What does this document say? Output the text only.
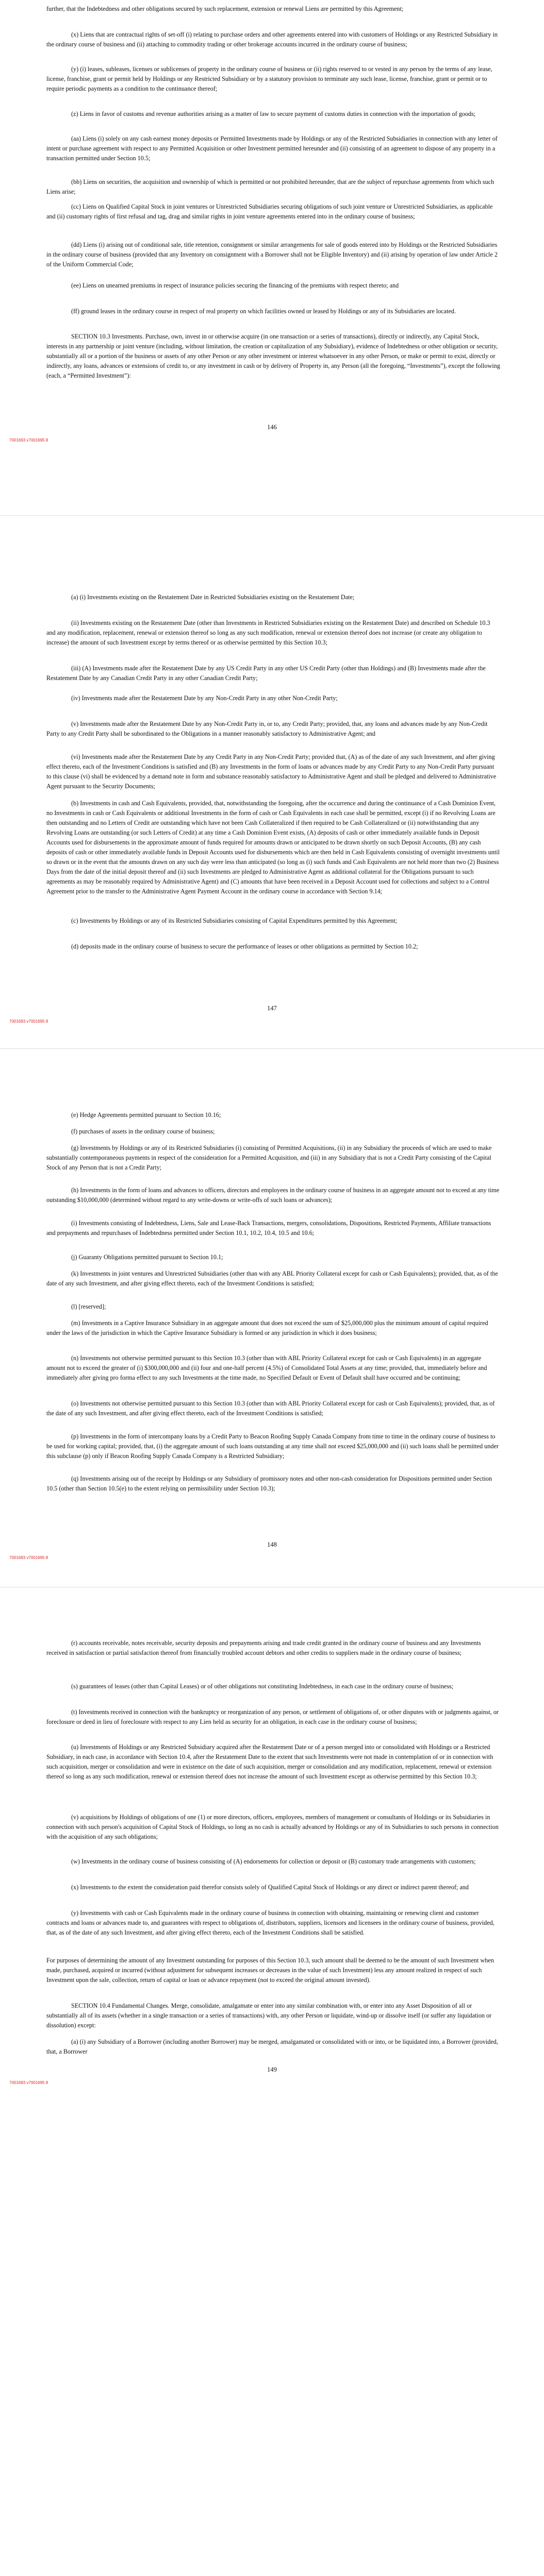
further, that the Indebtedness and other obligations secured by such replacement, extension or renewal Liens are permitted by this Agreement;

(x) Liens that are contractual rights of set-off (i) relating to purchase orders and other agreements entered into with customers of Holdings or any Restricted Subsidiary in the ordinary course of business and (ii) attaching to commodity trading or other brokerage accounts incurred in the ordinary course of business;

(y) (i) leases, subleases, licenses or sublicenses of property in the ordinary course of business or (ii) rights reserved to or vested in any person by the terms of any lease, license, franchise, grant or permit held by Holdings or any Restricted Subsidiary or by a statutory provision to terminate any such lease, license, franchise, grant or permit or to require periodic payments as a condition to the continuance thereof;

(z) Liens in favor of customs and revenue authorities arising as a matter of law to secure payment of customs duties in connection with the importation of goods;

(aa) Liens (i) solely on any cash earnest money deposits or Permitted Investments made by Holdings or any of the Restricted Subsidiaries in connection with any letter of intent or purchase agreement with respect to any Permitted Acquisition or other Investment permitted hereunder and (ii) consisting of an agreement to dispose of any property in a transaction permitted under Section 10.5;

(bb) Liens on securities, the acquisition and ownership of which is permitted or not prohibited hereunder, that are the subject of repurchase agreements from which such Liens arise;

(cc) Liens on Qualified Capital Stock in joint ventures or Unrestricted Subsidiaries securing obligations of such joint venture or Unrestricted Subsidiaries, as applicable and (ii) customary rights of first refusal and tag, drag and similar rights in joint venture agreements entered into in the ordinary course of business;

(dd) Liens (i) arising out of conditional sale, title retention, consignment or similar arrangements for sale of goods entered into by Holdings or the Restricted Subsidiaries in the ordinary course of business (provided that any Inventory on consignment with a Borrower shall not be Eligible Inventory) and (ii) arising by operation of law under Article 2 of the Uniform Commercial Code;

(ee) Liens on unearned premiums in respect of insurance policies securing the financing of the premiums with respect thereto; and

(ff) ground leases in the ordinary course in respect of real property on which facilities owned or leased by Holdings or any of its Subsidiaries are located.

SECTION 10.3 Investments. Purchase, own, invest in or otherwise acquire (in one transaction or a series of transactions), directly or indirectly, any Capital Stock, interests in any partnership or joint venture (including, without limitation, the creation or capitalization of any Subsidiary), evidence of Indebtedness or other obligation or security, substantially all or a portion of the business or assets of any other Person or any other investment or interest whatsoever in any other Person, or make or permit to exist, directly or indirectly, any loans, advances or extensions of credit to, or any investment in cash or by delivery of Property in, any Person (all the foregoing, “Investments”), except the following (each, a “Permitted Investment”):

146
7001693 v7001695 8

(a) (i) Investments existing on the Restatement Date in Restricted Subsidiaries existing on the Restatement Date;

(ii) Investments existing on the Restatement Date (other than Investments in Restricted Subsidiaries existing on the Restatement Date) and described on Schedule 10.3 and any modification, replacement, renewal or extension thereof so long as any such modification, renewal or extension thereof does not increase (or create any obligation to increase) the amount of such Investment except by terms thereof or as otherwise permitted by this Section 10.3;

(iii) (A) Investments made after the Restatement Date by any US Credit Party in any other US Credit Party (other than Holdings) and (B) Investments made after the Restatement Date by any Canadian Credit Party in any other Canadian Credit Party;

(iv) Investments made after the Restatement Date by any Non-Credit Party in any other Non-Credit Party;

(v) Investments made after the Restatement Date by any Non-Credit Party in, or to, any Credit Party; provided, that, any loans and advances made by any Non-Credit Party to any Credit Party shall be subordinated to the Obligations in a manner reasonably satisfactory to Administrative Agent; and

(vi) Investments made after the Restatement Date by any Credit Party in any Non-Credit Party; provided that, (A) as of the date of any such Investment, and after giving effect thereto, each of the Investment Conditions is satisfied and (B) any Investments in the form of loans or advances made by any Credit Party to any Non-Credit Party pursuant to this clause (vi) shall be evidenced by a demand note in form and substance reasonably satisfactory to Administrative Agent and shall be pledged and delivered to Administrative Agent pursuant to the Security Documents;

(b) Investments in cash and Cash Equivalents, provided, that, notwithstanding the foregoing, after the occurrence and during the continuance of a Cash Dominion Event, no Investments in cash or Cash Equivalents or additional Investments in the form of cash or Cash Equivalents in each case shall be permitted, except (i) if no Revolving Loans are then outstanding and no Letters of Credit are outstanding which have not been Cash Collateralized if then required to be Cash Collateralized or (ii) notwithstanding that any Revolving Loans are outstanding (or such Letters of Credit) at any time a Cash Dominion Event exists, (A) deposits of cash or other immediately available funds in Deposit Accounts used for disbursements in the approximate amount of funds required for amounts drawn or anticipated to be drawn shortly on such Deposit Accounts, (B) any cash deposits of cash or other immediately available funds in Deposit Accounts used for disbursements which are then held in Cash Equivalents consisting of overnight investments until so drawn or in the event that the amounts drawn on any such day were less than anticipated (so long as (i) such funds and Cash Equivalents are not held more than two (2) Business Days from the date of the initial deposit thereof and (ii) such Investments are pledged to Administrative Agent as additional collateral for the Obligations pursuant to such agreements as may be reasonably required by Administrative Agent) and (C) amounts that have been received in a Deposit Account used for collections and subject to a Control Agreement prior to the transfer to the Administrative Agent Payment Account in the ordinary course in accordance with Section 9.14;

(c) Investments by Holdings or any of its Restricted Subsidiaries consisting of Capital Expenditures permitted by this Agreement;

(d) deposits made in the ordinary course of business to secure the performance of leases or other obligations as permitted by Section 10.2;

147
7001693 v7001695 8

(e) Hedge Agreements permitted pursuant to Section 10.16;

(f) purchases of assets in the ordinary course of business;

(g) Investments by Holdings or any of its Restricted Subsidiaries (i) consisting of Permitted Acquisitions, (ii) in any Subsidiary the proceeds of which are used to make substantially contemporaneous payments in respect of the consideration for a Permitted Acquisition, and (iii) in any Subsidiary that is not a Credit Party consisting of the Capital Stock of any Person that is not a Credit Party;

(h) Investments in the form of loans and advances to officers, directors and employees in the ordinary course of business in an aggregate amount not to exceed at any time outstanding $10,000,000 (determined without regard to any write-downs or write-offs of such loans or advances);

(i) Investments consisting of Indebtedness, Liens, Sale and Lease-Back Transactions, mergers, consolidations, Dispositions, Restricted Payments, Affiliate transactions and prepayments and repurchases of Indebtedness permitted under Section 10.1, 10.2, 10.4, 10.5 and 10.6;

(j) Guaranty Obligations permitted pursuant to Section 10.1;

(k) Investments in joint ventures and Unrestricted Subsidiaries (other than with any ABL Priority Collateral except for cash or Cash Equivalents); provided, that, as of the date of any such Investment, and after giving effect thereto, each of the Investment Conditions is satisfied;

(l) [reserved];

(m) Investments in a Captive Insurance Subsidiary in an aggregate amount that does not exceed the sum of $25,000,000 plus the minimum amount of capital required under the laws of the jurisdiction in which the Captive Insurance Subsidiary is formed or any jurisdiction in which it does business;

(n) Investments not otherwise permitted pursuant to this Section 10.3 (other than with ABL Priority Collateral except for cash or Cash Equivalents) in an aggregate amount not to exceed the greater of (i) $300,000,000 and (ii) four and one-half percent (4.5%) of Consolidated Total Assets at any time; provided, that, immediately before and immediately after giving pro forma effect to any such Investments at the time made, no Specified Default or Event of Default shall have occurred and be continuing;

(o) Investments not otherwise permitted pursuant to this Section 10.3 (other than with ABL Priority Collateral except for cash or Cash Equivalents); provided, that, as of the date of any such Investment, and after giving effect thereto, each of the Investment Conditions is satisfied;

(p) Investments in the form of intercompany loans by a Credit Party to Beacon Roofing Supply Canada Company from time to time in the ordinary course of business to be used for working capital; provided, that, (i) the aggregate amount of such loans outstanding at any time shall not exceed $25,000,000 and (ii) such loans shall be permitted under this subclause (p) only if Beacon Roofing Supply Canada Company is a Restricted Subsidiary;

(q) Investments arising out of the receipt by Holdings or any Subsidiary of promissory notes and other non-cash consideration for Dispositions permitted under Section 10.5 (other than Section 10.5(e) to the extent relying on permissibility under Section 10.3);

148
7001693 v7001695 8

(r) accounts receivable, notes receivable, security deposits and prepayments arising and trade credit granted in the ordinary course of business and any Investments received in satisfaction or partial satisfaction thereof from financially troubled account debtors and other credits to suppliers made in the ordinary course of business;

(s) guarantees of leases (other than Capital Leases) or of other obligations not constituting Indebtedness, in each case in the ordinary course of business;

(t) Investments received in connection with the bankruptcy or reorganization of any person, or settlement of obligations of, or other disputes with or judgments against, or foreclosure or deed in lieu of foreclosure with respect to any Lien held as security for an obligation, in each case in the ordinary course of business;

(u) Investments of Holdings or any Restricted Subsidiary acquired after the Restatement Date or of a person merged into or consolidated with Holdings or a Restricted Subsidiary, in each case, in accordance with Section 10.4, after the Restatement Date to the extent that such Investments were not made in contemplation of or in connection with such acquisition, merger or consolidation and were in existence on the date of such acquisition, merger or consolidation and any modification, replacement, renewal or extension thereof so long as any such modification, renewal or extension thereof does not increase the amount of such Investment except as otherwise permitted by this Section 10.3;

(v) acquisitions by Holdings of obligations of one (1) or more directors, officers, employees, members of management or consultants of Holdings or its Subsidiaries in connection with such person's acquisition of Capital Stock of Holdings, so long as no cash is actually advanced by Holdings or any of its Subsidiaries to such persons in connection with the acquisition of any such obligations;

(w) Investments in the ordinary course of business consisting of (A) endorsements for collection or deposit or (B) customary trade arrangements with customers;

(x) Investments to the extent the consideration paid therefor consists solely of Qualified Capital Stock of Holdings or any direct or indirect parent thereof; and

(y) Investments with cash or Cash Equivalents made in the ordinary course of business in connection with obtaining, maintaining or renewing client and customer contracts and loans or advances made to, and guarantees with respect to obligations of, distributors, suppliers, licensors and licensees in the ordinary course of business, provided, that, as of the date of any such Investment, and after giving effect thereto, each of the Investment Conditions shall be satisfied.

For purposes of determining the amount of any Investment outstanding for purposes of this Section 10.3, such amount shall be deemed to be the amount of such Investment when made, purchased, acquired or incurred (without adjustment for subsequent increases or decreases in the value of such Investment) less any amount realized in respect of such Investment upon the sale, collection, return of capital or loan or advance repayment (not to exceed the original amount invested).

SECTION 10.4 Fundamental Changes. Merge, consolidate, amalgamate or enter into any similar combination with, or enter into any Asset Disposition of all or substantially all of its assets (whether in a single transaction or a series of transactions) with, any other Person or liquidate, wind-up or dissolve itself (or suffer any liquidation or dissolution) except:

(a) (i) any Subsidiary of a Borrower (including another Borrower) may be merged, amalgamated or consolidated with or into, or be liquidated into, a Borrower (provided, that, a Borrower

149
7001693 v7001695 8
